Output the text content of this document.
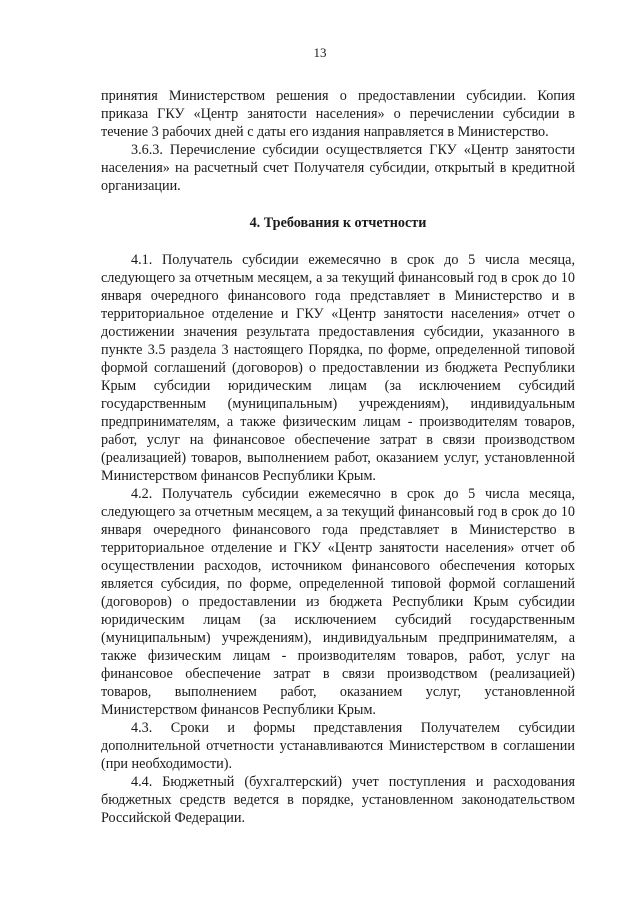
13

принятия Министерством решения о предоставлении субсидии. Копия приказа ГКУ «Центр занятости населения» о перечислении субсидии в течение 3 рабочих дней с даты его издания направляется в Министерство.

3.6.3. Перечисление субсидии осуществляется ГКУ «Центр занятости населения» на расчетный счет Получателя субсидии, открытый в кредитной организации.

4. Требования к отчетности

4.1. Получатель субсидии ежемесячно в срок до 5 числа месяца, следующего за отчетным месяцем, а за текущий финансовый год в срок до 10 января очередного финансового года представляет в Министерство и в территориальное отделение и ГКУ «Центр занятости населения» отчет о достижении значения результата предоставления субсидии, указанного в пункте 3.5 раздела 3 настоящего Порядка, по форме, определенной типовой формой соглашений (договоров) о предоставлении из бюджета Республики Крым субсидии юридическим лицам (за исключением субсидий государственным (муниципальным) учреждениям), индивидуальным предпринимателям, а также физическим лицам - производителям товаров, работ, услуг на финансовое обеспечение затрат в связи производством (реализацией) товаров, выполнением работ, оказанием услуг, установленной Министерством финансов Республики Крым.

4.2. Получатель субсидии ежемесячно в срок до 5 числа месяца, следующего за отчетным месяцем, а за текущий финансовый год в срок до 10 января очередного финансового года представляет в Министерство в территориальное отделение и ГКУ «Центр занятости населения» отчет об осуществлении расходов, источником финансового обеспечения которых является субсидия, по форме, определенной типовой формой соглашений (договоров) о предоставлении из бюджета Республики Крым субсидии юридическим лицам (за исключением субсидий государственным (муниципальным) учреждениям), индивидуальным предпринимателям, а также физическим лицам - производителям товаров, работ, услуг на финансовое обеспечение затрат в связи производством (реализацией) товаров, выполнением работ, оказанием услуг, установленной Министерством финансов Республики Крым.

4.3. Сроки и формы представления Получателем субсидии дополнительной отчетности устанавливаются Министерством в соглашении (при необходимости).

4.4. Бюджетный (бухгалтерский) учет поступления и расходования бюджетных средств ведется в порядке, установленном законодательством Российской Федерации.
